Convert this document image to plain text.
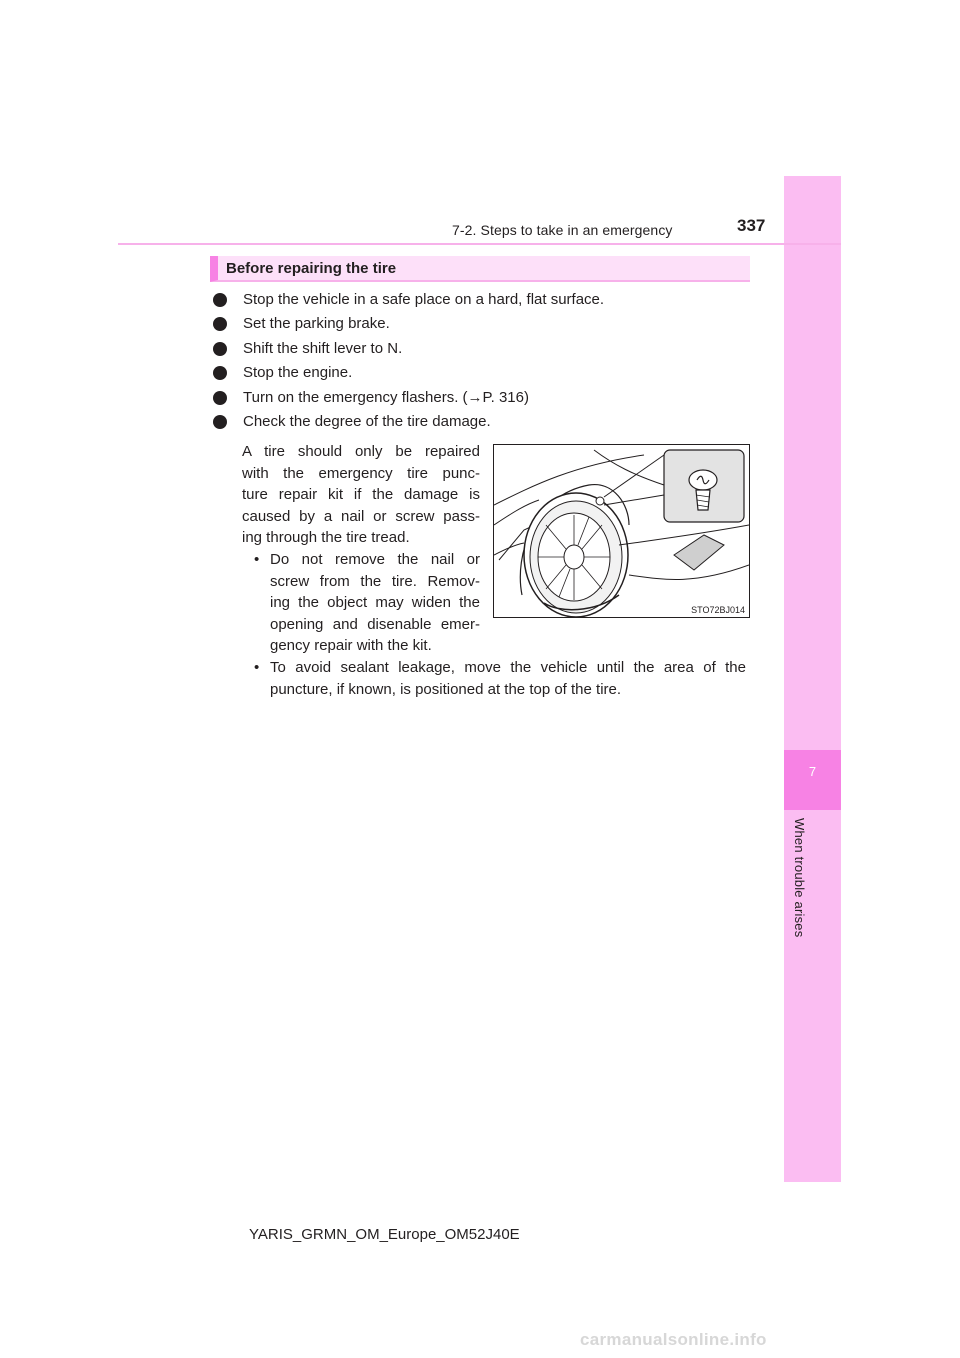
7
When trouble arises
7-2. Steps to take in an emergency	337
Before repairing the tire
Stop the vehicle in a safe place on a hard, flat surface.
Set the parking brake.
Shift the shift lever to N.
Stop the engine.
Turn on the emergency flashers. (→P. 316)
Check the degree of the tire damage.
A tire should only be repaired
with the emergency tire punc-
ture repair kit if the damage is
caused by a nail or screw pass-
ing through the tire tread.
• Do not remove the nail or
screw from the tire. Remov-
ing the object may widen the
opening and disenable emer-
gency repair with the kit.
• To avoid sealant leakage, move the vehicle until the area of the
puncture, if known, is positioned at the top of the tire.
STO72BJ014
YARIS_GRMN_OM_Europe_OM52J40E
carmanualsonline.info
